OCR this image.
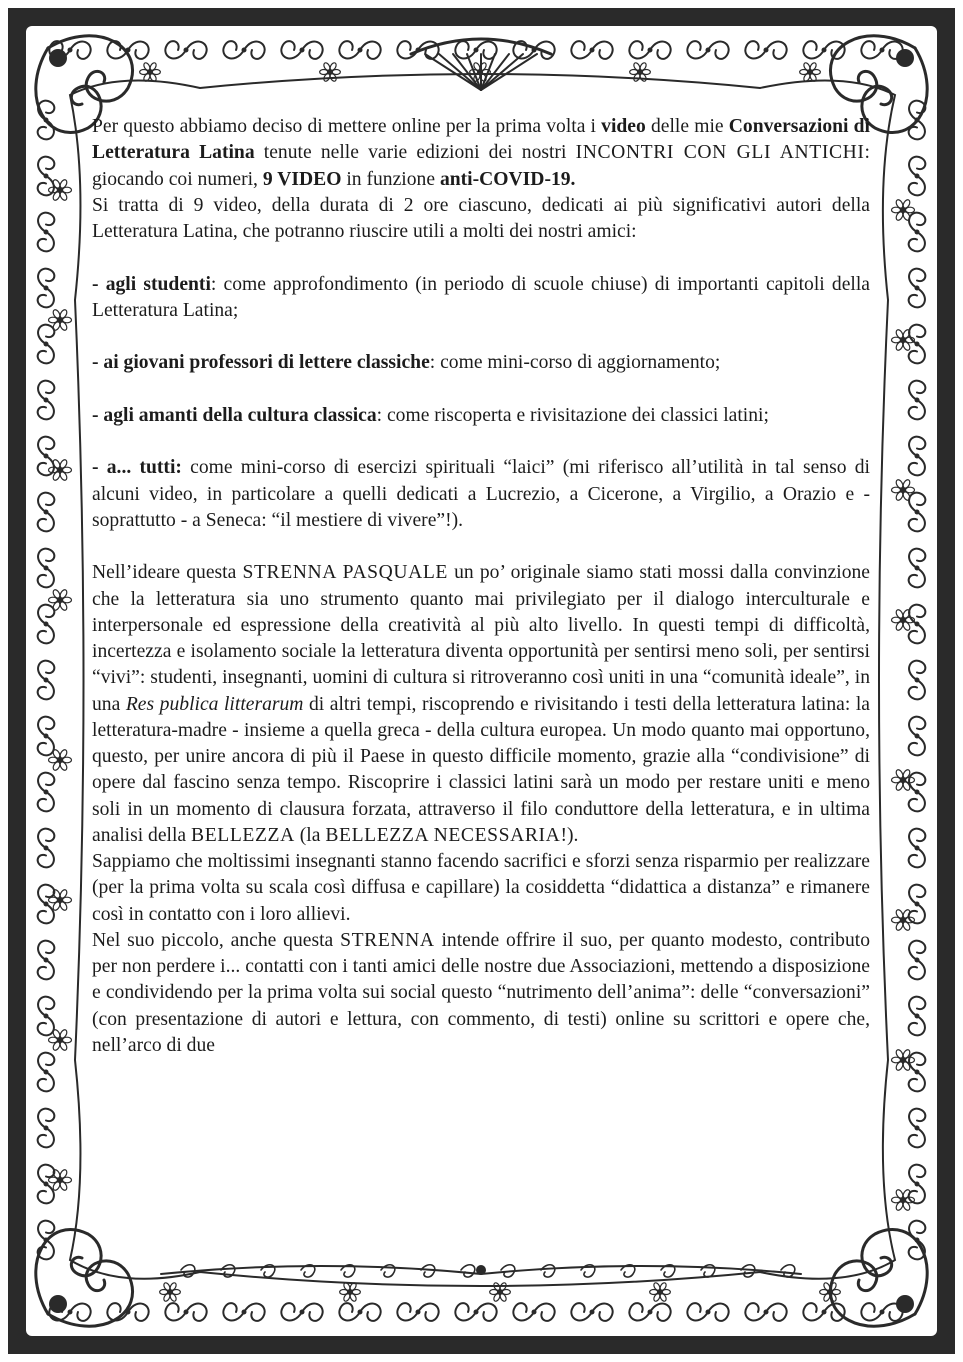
Per questo abbiamo deciso di mettere online per la prima volta i video delle mie Conversazioni di Letteratura Latina tenute nelle varie edizioni dei nostri INCONTRI CON GLI ANTICHI: giocando coi numeri, 9 VIDEO in funzione anti-COVID-19.

Si tratta di 9 video, della durata di 2 ore ciascuno, dedicati ai più significativi autori della Letteratura Latina, che potranno riuscire utili a molti dei nostri amici:

- agli studenti: come approfondimento (in periodo di scuole chiuse) di importanti capitoli della Letteratura Latina;

- ai giovani professori di lettere classiche: come mini-corso di aggiornamento;

- agli amanti della cultura classica: come riscoperta e rivisitazione dei classici latini;

- a... tutti: come mini-corso di esercizi spirituali “laici” (mi riferisco all’utilità in tal senso di alcuni video, in particolare a quelli dedicati a Lucrezio, a Cicerone, a Virgilio, a Orazio e - soprattutto - a Seneca: “il mestiere di vivere”!).

Nell’ideare questa STRENNA PASQUALE un po’ originale siamo stati mossi dalla convinzione che la letteratura sia uno strumento quanto mai privilegiato per il dialogo interculturale e interpersonale ed espressione della creatività al più alto livello. In questi tempi di difficoltà, incertezza e isolamento sociale la letteratura diventa opportunità per sentirsi meno soli, per sentirsi “vivi”: studenti, insegnanti, uomini di cultura si ritroveranno così uniti in una “comunità ideale”, in una Res publica litterarum di altri tempi, riscoprendo e rivisitando i testi della letteratura latina: la letteratura-madre - insieme a quella greca - della cultura europea. Un modo quanto mai opportuno, questo, per unire ancora di più il Paese in questo difficile momento, grazie alla “condivisione” di opere dal fascino senza tempo. Riscoprire i classici latini sarà un modo per restare uniti e meno soli in un momento di clausura forzata, attraverso il filo conduttore della letteratura, e in ultima analisi della BELLEZZA (la BELLEZZA NECESSARIA!).

Sappiamo che moltissimi insegnanti stanno facendo sacrifici e sforzi senza risparmio per realizzare (per la prima volta su scala così diffusa e capillare) la cosiddetta “didattica a distanza” e rimanere così in contatto con i loro allievi.

Nel suo piccolo, anche questa STRENNA intende offrire il suo, per quanto modesto, contributo per non perdere i... contatti con i tanti amici delle nostre due Associazioni, mettendo a disposizione e condividendo per la prima volta sui social questo “nutrimento dell’anima”: delle “conversazioni” (con presentazione di autori e lettura, con commento, di testi) online su scrittori e opere che, nell’arco di due
